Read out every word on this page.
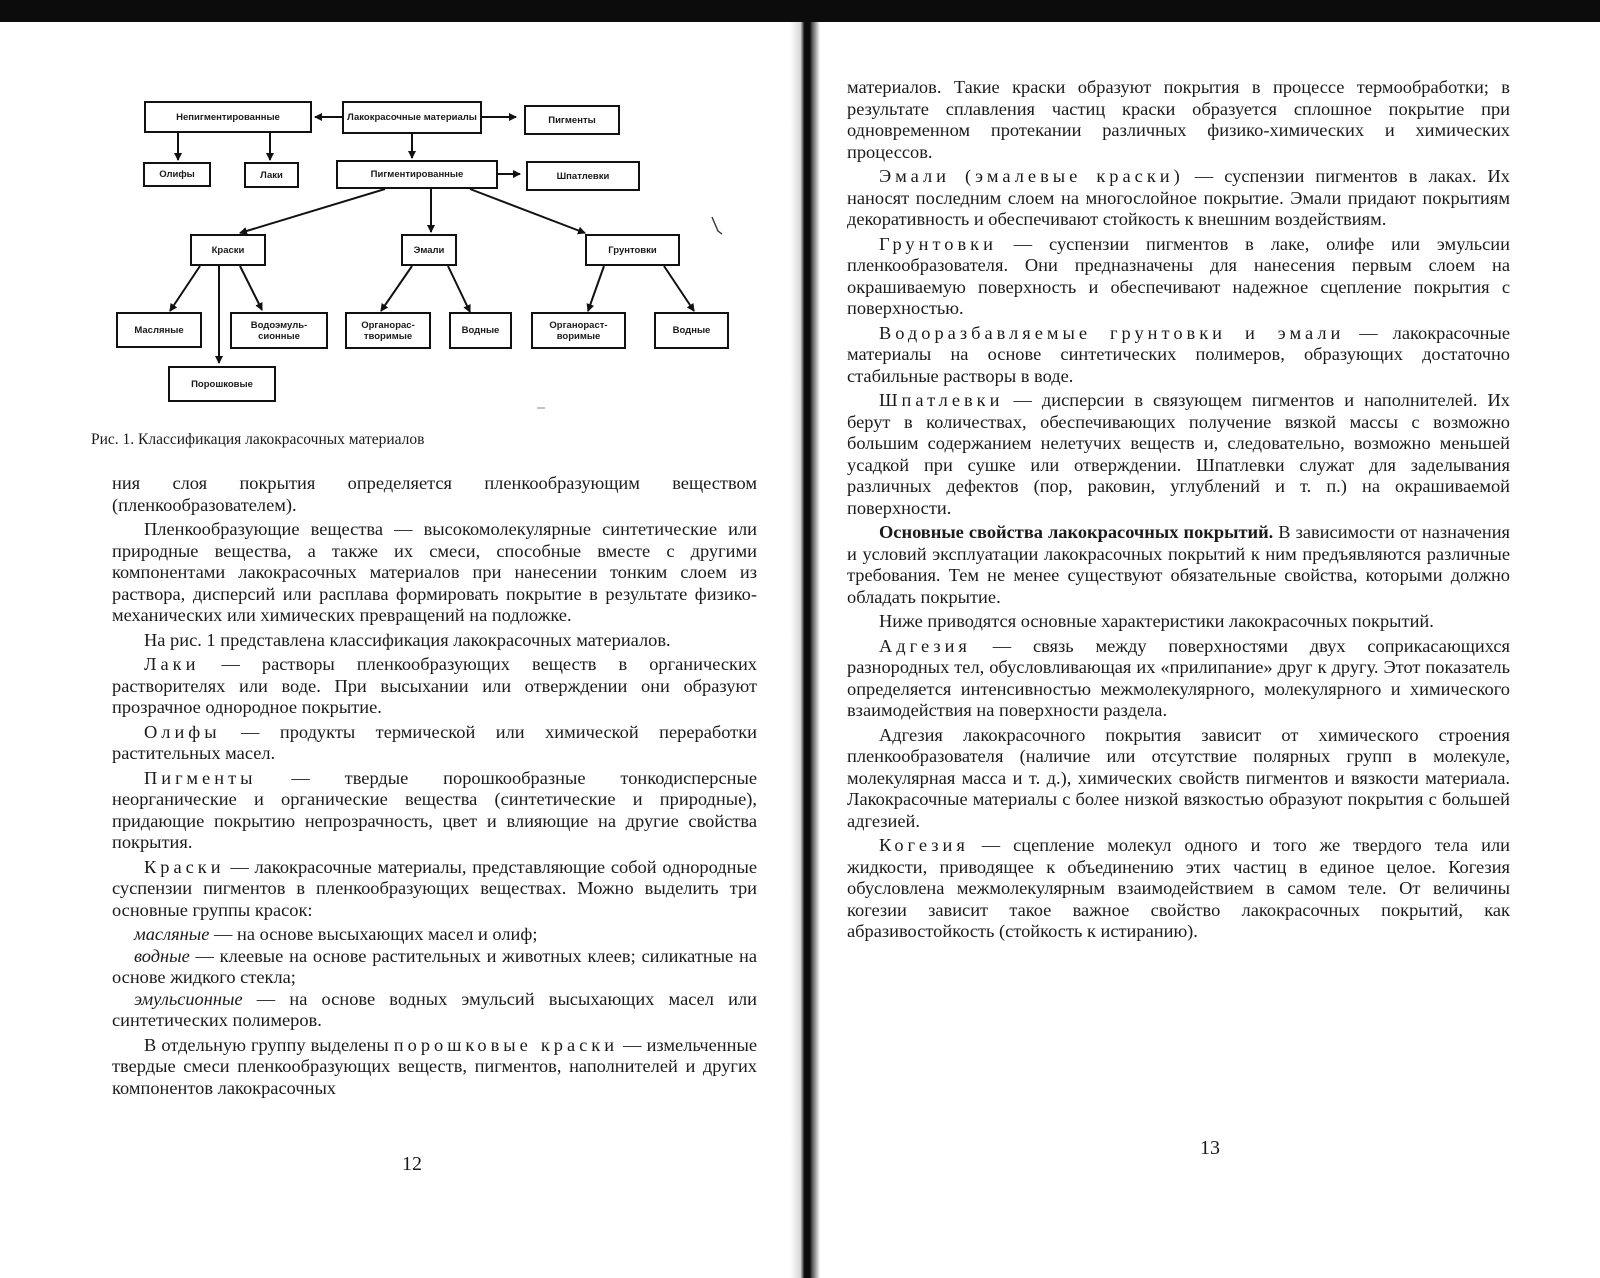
Лакокрасочные материалы
Непигментированные	Пигменты
Олифы	Лаки	Пигментированные	Шпатлевки
Краски	Эмали	Грунтовки
Масляные	Водоэмуль-сионные
Порошковые
Органорас-творимые	Водные	Органораст-воримые	Водные
Рис. 1. Классификация лакокрасочных материалов

ния слоя покрытия определяется пленкообразующим веществом (пленкообразователем).

Пленкообразующие вещества — высокомолекулярные синтетические или природные вещества, а также их смеси, способные вместе с другими компонентами лакокрасочных материалов при нанесении тонким слоем из раствора, дисперсий или расплава формировать покрытие в результате физико-механических или химических превращений на подложке.

На рис. 1 представлена классификация лакокрасочных материалов.

Лаки — растворы пленкообразующих веществ в органических растворителях или воде. При высыхании или отверждении они образуют прозрачное однородное покрытие.

Олифы — продукты термической или химической переработки растительных масел.

Пигменты — твердые порошкообразные тонкодисперсные неорганические и органические вещества (синтетические и природные), придающие покрытию непрозрачность, цвет и влияющие на другие свойства покрытия.

Краски — лакокрасочные материалы, представляющие собой однородные суспензии пигментов в пленкообразующих веществах. Можно выделить три основные группы красок:

масляные — на основе высыхающих масел и олиф;

водные — клеевые на основе растительных и животных клеев; силикатные на основе жидкого стекла;

эмульсионные — на основе водных эмульсий высыхающих масел или синтетических полимеров.

В отдельную группу выделены порошковые краски — измельченные твердые смеси пленкообразующих веществ, пигментов, наполнителей и других компонентов лакокрасочных

12

материалов. Такие краски образуют покрытия в процессе термообработки; в результате сплавления частиц краски образуется сплошное покрытие при одновременном протекании различных физико-химических и химических процессов.

Эмали (эмалевые краски) — суспензии пигментов в лаках. Их наносят последним слоем на многослойное покрытие. Эмали придают покрытиям декоративность и обеспечивают стойкость к внешним воздействиям.

Грунтовки — суспензии пигментов в лаке, олифе или эмульсии пленкообразователя. Они предназначены для нанесения первым слоем на окрашиваемую поверхность и обеспечивают надежное сцепление покрытия с поверхностью.

Водоразбавляемые грунтовки и эмали — лакокрасочные материалы на основе синтетических полимеров, образующих достаточно стабильные растворы в воде.

Шпатлевки — дисперсии в связующем пигментов и наполнителей. Их берут в количествах, обеспечивающих получение вязкой массы с возможно большим содержанием нелетучих веществ и, следовательно, возможно меньшей усадкой при сушке или отверждении. Шпатлевки служат для заделывания различных дефектов (пор, раковин, углублений и т. п.) на окрашиваемой поверхности.

Основные свойства лакокрасочных покрытий. В зависимости от назначения и условий эксплуатации лакокрасочных покрытий к ним предъявляются различные требования. Тем не менее существуют обязательные свойства, которыми должно обладать покрытие.

Ниже приводятся основные характеристики лакокрасочных покрытий.

Адгезия — связь между поверхностями двух соприкасающихся разнородных тел, обусловливающая их «прилипание» друг к другу. Этот показатель определяется интенсивностью межмолекулярного, молекулярного и химического взаимодействия на поверхности раздела.

Адгезия лакокрасочного покрытия зависит от химического строения пленкообразователя (наличие или отсутствие полярных групп в молекуле, молекулярная масса и т. д.), химических свойств пигментов и вязкости материала. Лакокрасочные материалы с более низкой вязкостью образуют покрытия с большей адгезией.

Когезия — сцепление молекул одного и того же твердого тела или жидкости, приводящее к объединению этих частиц в единое целое. Когезия обусловлена межмолекулярным взаимодействием в самом теле. От величины когезии зависит такое важное свойство лакокрасочных покрытий, как абразивостойкость (стойкость к истиранию).

13
